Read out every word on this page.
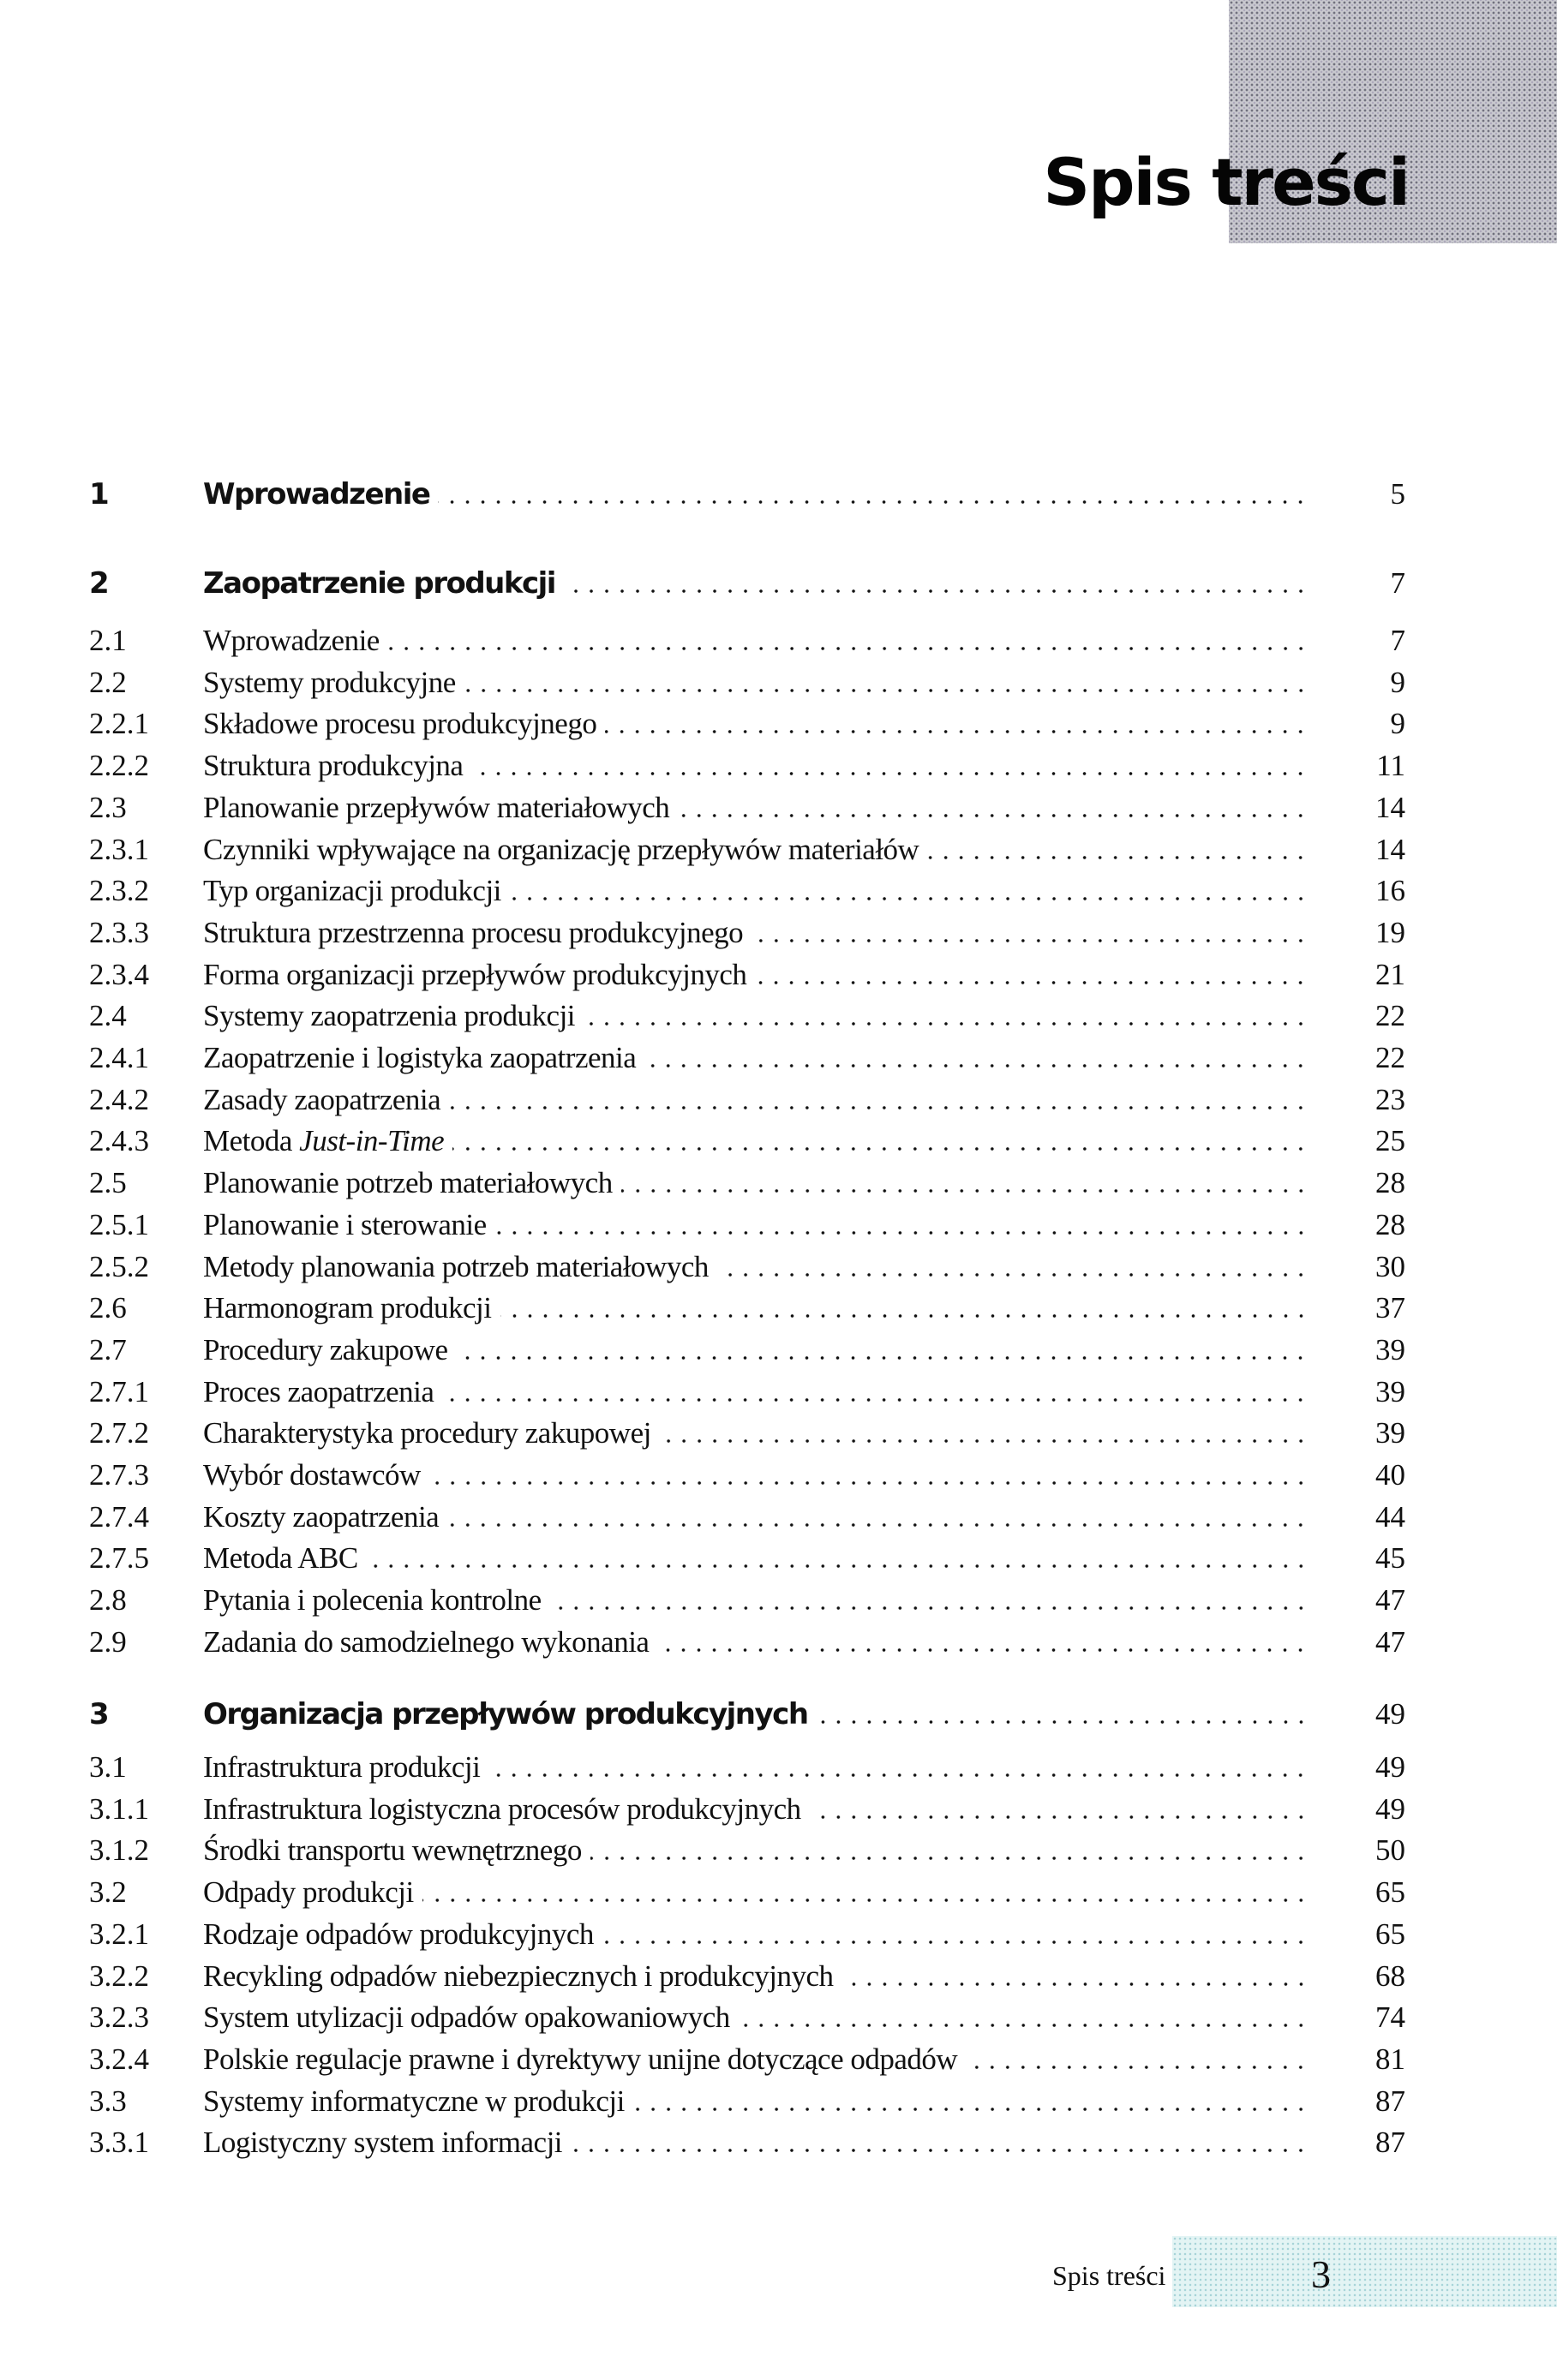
Spis treści
1	Wprowadzenie	5
2	Zaopatrzenie produkcji	7
2.1	Wprowadzenie	7
2.2	Systemy produkcyjne	9
2.2.1 Składowe procesu produkcyjnego	9
2.2.2 Struktura produkcyjna	11
2.3	Planowanie przepływów materiałowych	14
2.3.1 Czynniki wpływające na organizację przepływów materiałów	14
2.3.2 Typ organizacji produkcji	16
2.3.3 Struktura przestrzenna procesu produkcyjnego	19
2.3.4 Forma organizacji przepływów produkcyjnych	21
2.4	Systemy zaopatrzenia produkcji	22
2.4.1 Zaopatrzenie i logistyka zaopatrzenia	22
2.4.2 Zasady zaopatrzenia	23
2.4.3 Metoda Just-in-Time	25
2.5	Planowanie potrzeb materiałowych	28
2.5.1 Planowanie i sterowanie	28
2.5.2 Metody planowania potrzeb materiałowych	30
2.6	Harmonogram produkcji	37
2.7	Procedury zakupowe	39
2.7.1 Proces zaopatrzenia	39
2.7.2 Charakterystyka procedury zakupowej	39
2.7.3 Wybór dostawców	40
2.7.4 Koszty zaopatrzenia	44
2.7.5 Metoda ABC	45
2.8	Pytania i polecenia kontrolne	47
2.9	Zadania do samodzielnego wykonania	47
3	Organizacja przepływów produkcyjnych	49
3.1	Infrastruktura produkcji	49
3.1.1 Infrastruktura logistyczna procesów produkcyjnych	49
3.1.2 Środki transportu wewnętrznego	50
3.2	Odpady produkcji	65
3.2.1 Rodzaje odpadów produkcyjnych	65
3.2.2 Recykling odpadów niebezpiecznych i produkcyjnych	68
3.2.3 System utylizacji odpadów opakowaniowych	74
3.2.4 Polskie regulacje prawne i dyrektywy unijne dotyczące odpadów	81
3.3	Systemy informatyczne w produkcji	87
3.3.1 Logistyczny system informacji	87
Spis treści	3
